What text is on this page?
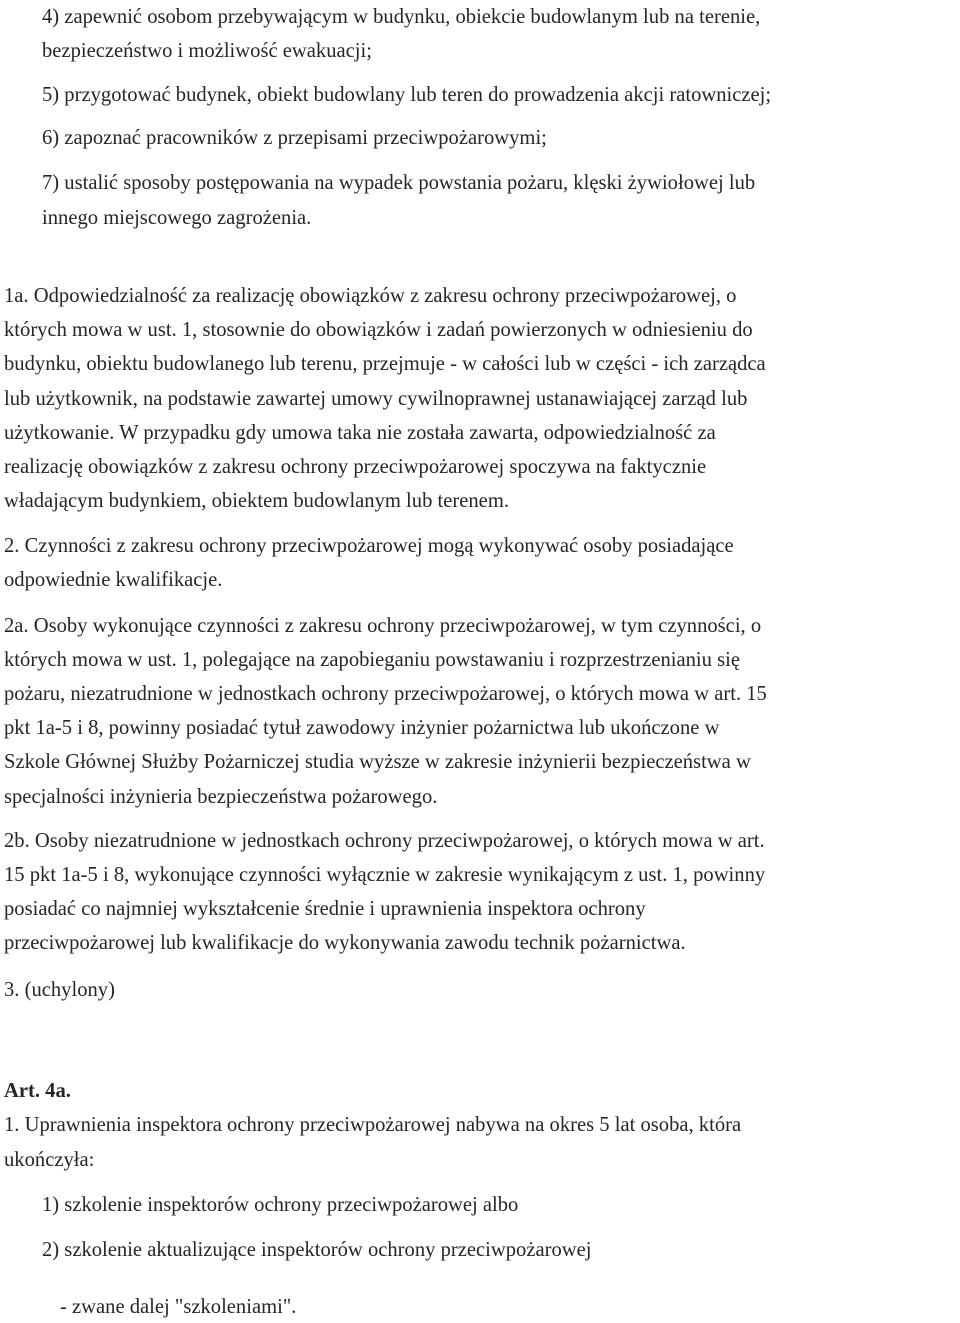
4) zapewnić osobom przebywającym w budynku, obiekcie budowlanym lub na terenie,
bezpieczeństwo i możliwość ewakuacji;
5) przygotować budynek, obiekt budowlany lub teren do prowadzenia akcji ratowniczej;
6) zapoznać pracowników z przepisami przeciwpożarowymi;
7) ustalić sposoby postępowania na wypadek powstania pożaru, klęski żywiołowej lub
innego miejscowego zagrożenia.
1a. Odpowiedzialność za realizację obowiązków z zakresu ochrony przeciwpożarowej, o
których mowa w ust. 1, stosownie do obowiązków i zadań powierzonych w odniesieniu do
budynku, obiektu budowlanego lub terenu, przejmuje - w całości lub w części - ich zarządca
lub użytkownik, na podstawie zawartej umowy cywilnoprawnej ustanawiającej zarząd lub
użytkowanie. W przypadku gdy umowa taka nie została zawarta, odpowiedzialność za
realizację obowiązków z zakresu ochrony przeciwpożarowej spoczywa na faktycznie
władającym budynkiem, obiektem budowlanym lub terenem.
2. Czynności z zakresu ochrony przeciwpożarowej mogą wykonywać osoby posiadające
odpowiednie kwalifikacje.
2a. Osoby wykonujące czynności z zakresu ochrony przeciwpożarowej, w tym czynności, o
których mowa w ust. 1, polegające na zapobieganiu powstawaniu i rozprzestrzenianiu się
pożaru, niezatrudnione w jednostkach ochrony przeciwpożarowej, o których mowa w art. 15
pkt 1a-5 i 8, powinny posiadać tytuł zawodowy inżynier pożarnictwa lub ukończone w
Szkole Głównej Służby Pożarniczej studia wyższe w zakresie inżynierii bezpieczeństwa w
specjalności inżynieria bezpieczeństwa pożarowego.
2b. Osoby niezatrudnione w jednostkach ochrony przeciwpożarowej, o których mowa w art.
15 pkt 1a-5 i 8, wykonujące czynności wyłącznie w zakresie wynikającym z ust. 1, powinny
posiadać co najmniej wykształcenie średnie i uprawnienia inspektora ochrony
przeciwpożarowej lub kwalifikacje do wykonywania zawodu technik pożarnictwa.
3. (uchylony)
Art. 4a.
1. Uprawnienia inspektora ochrony przeciwpożarowej nabywa na okres 5 lat osoba, która
ukończyła:
1) szkolenie inspektorów ochrony przeciwpożarowej albo
2) szkolenie aktualizujące inspektorów ochrony przeciwpożarowej
- zwane dalej "szkoleniami".
